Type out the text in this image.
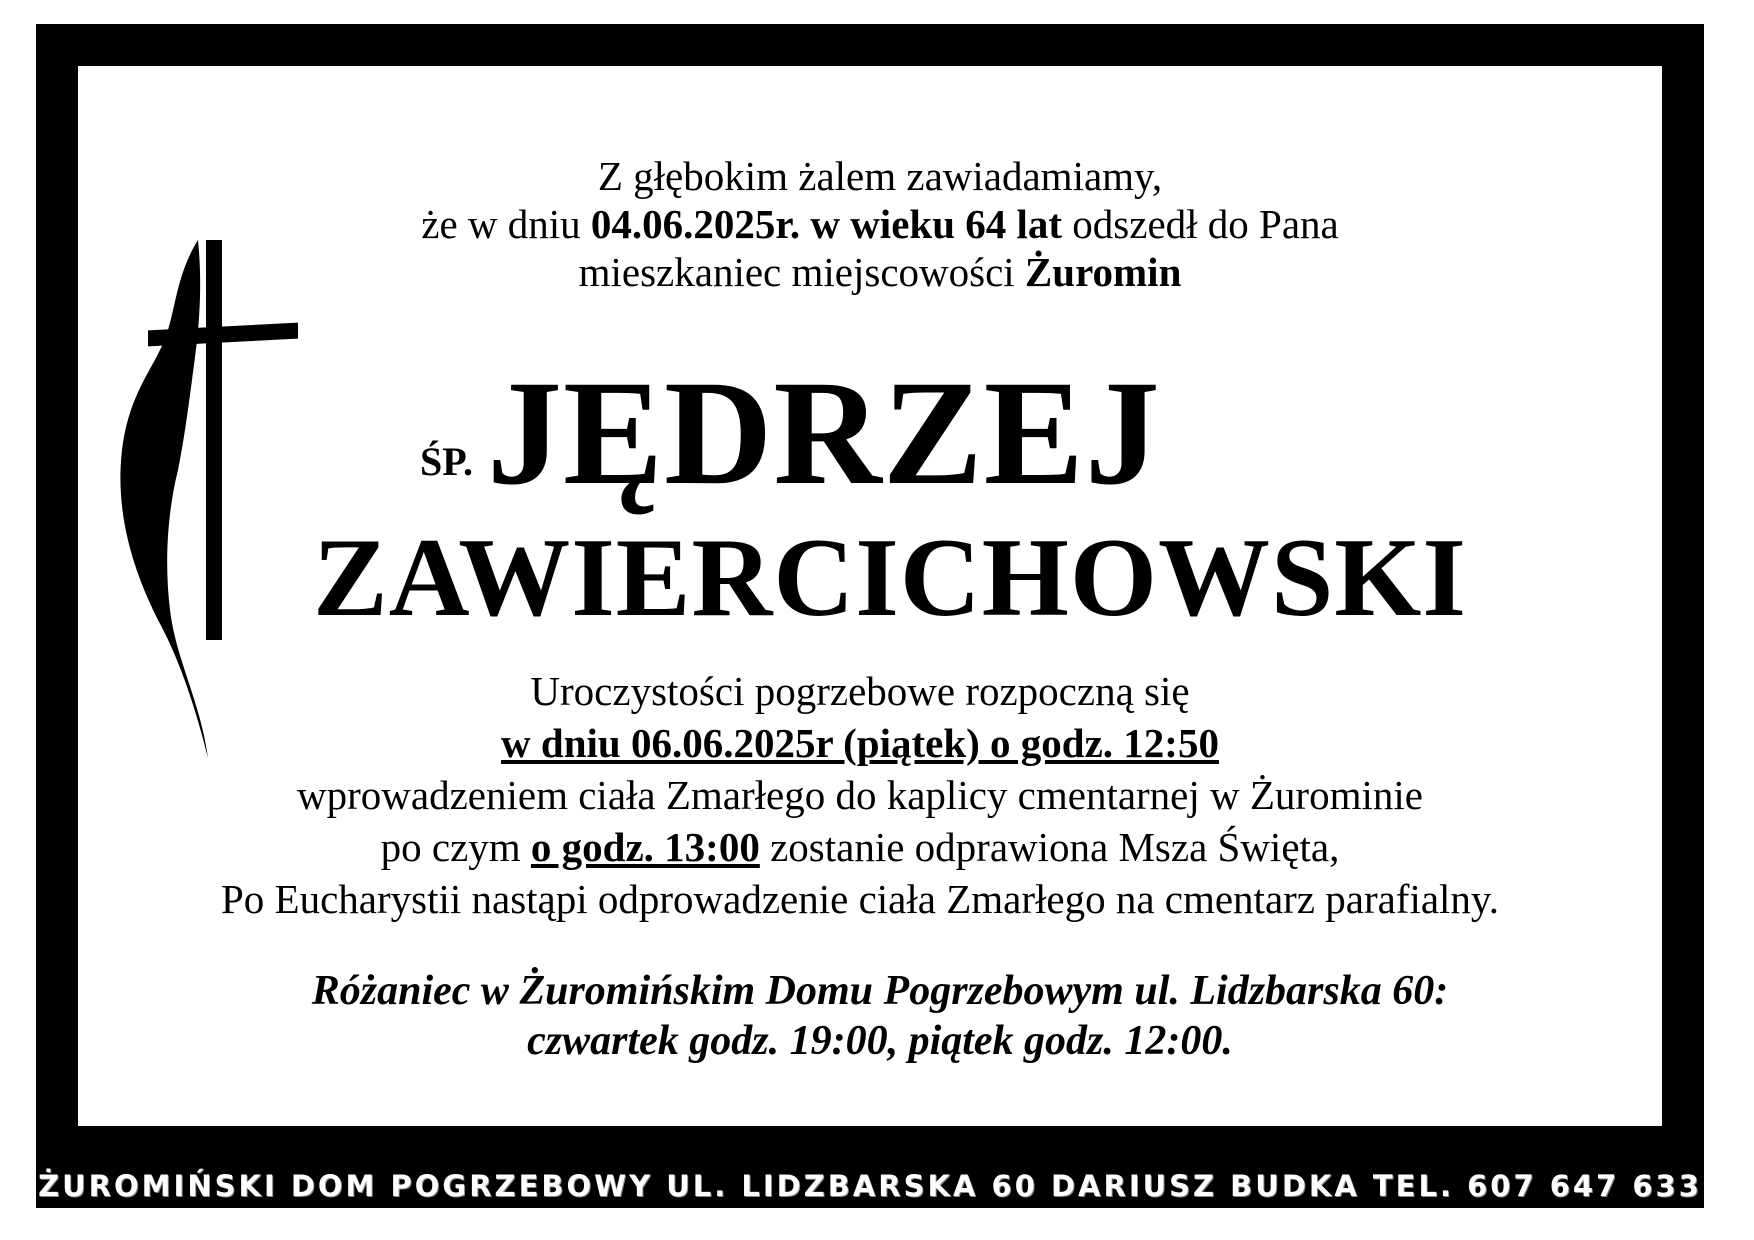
Z głębokim żalem zawiadamiamy,
że w dniu 04.06.2025r. w wieku 64 lat odszedł do Pana
mieszkaniec miejscowości Żuromin
ŚP.JĘDRZEJ
ZAWIERCICHOWSKI
Uroczystości pogrzebowe rozpoczną się
w dniu 06.06.2025r (piątek) o godz. 12:50
wprowadzeniem ciała Zmarłego do kaplicy cmentarnej w Żurominie
po czym o godz. 13:00 zostanie odprawiona Msza Święta,
Po Eucharystii nastąpi odprowadzenie ciała Zmarłego na cmentarz parafialny.
Różaniec w Żuromińskim Domu Pogrzebowym ul. Lidzbarska 60:
czwartek godz. 19:00, piątek godz. 12:00.
ŻUROMIŃSKI DOM POGRZEBOWY UL. LIDZBARSKA 60 DARIUSZ BUDKA TEL. 607 647 633
